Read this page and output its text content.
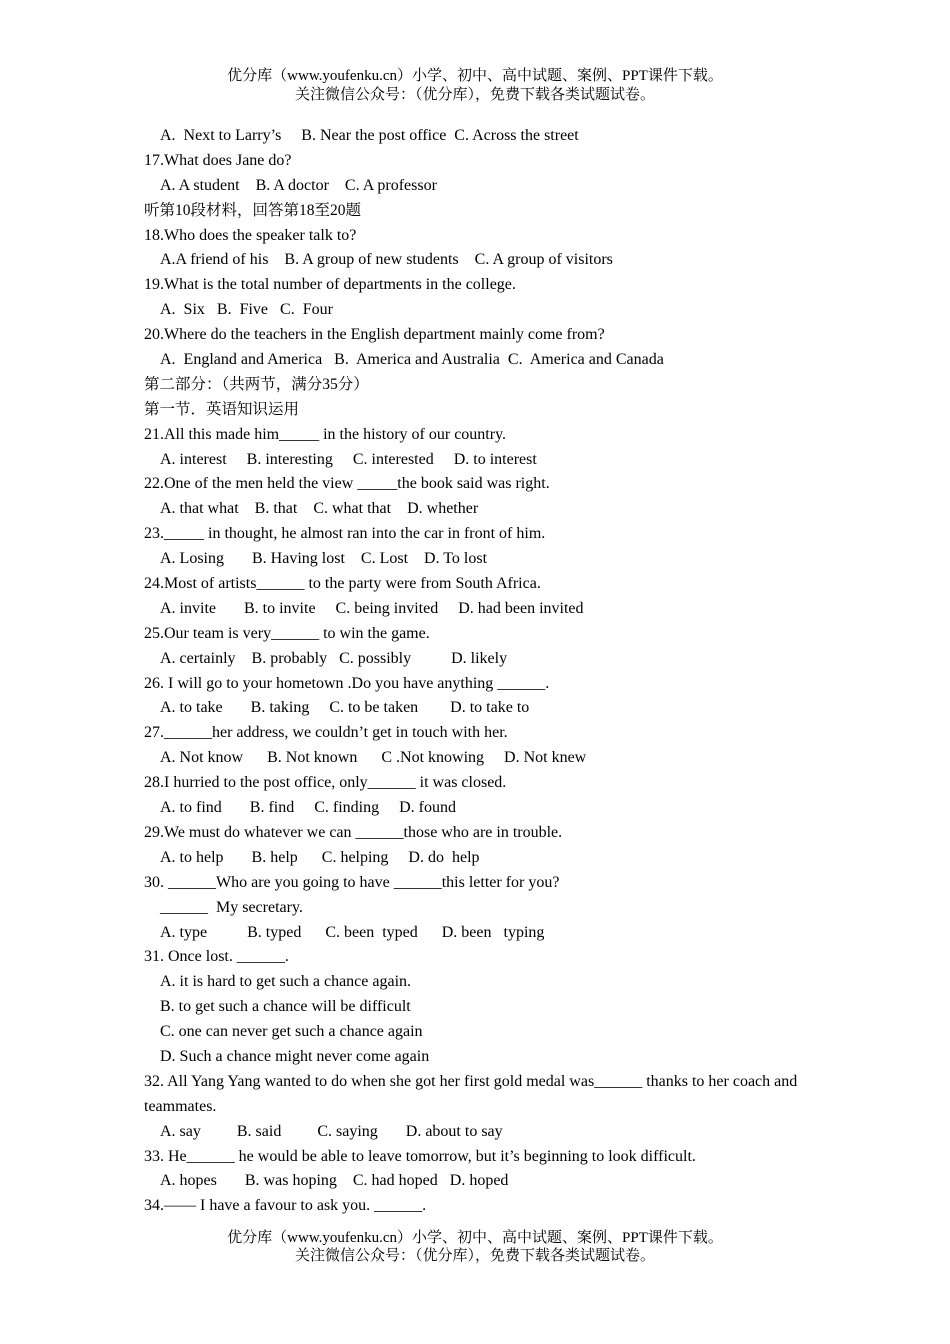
优分库（www.youfenku.cn）小学、初中、高中试题、案例、PPT课件下载。
关注微信公众号：（优分库），免费下载各类试题试卷。
A.  Next to Larry’s     B. Near the post office  C. Across the street
17.What does Jane do?
A. A student    B. A doctor    C. A professor
听第10段材料，回答第18至20题
18.Who does the speaker talk to?
A.A friend of his    B. A group of new students    C. A group of visitors
19.What is the total number of departments in the college.
A.  Six   B.  Five   C.  Four
20.Where do the teachers in the English department mainly come from?
A.  England and America   B.  America and Australia  C.  America and Canada
第二部分：（共两节，满分35分）
第一节．英语知识运用
21.All this made him_____ in the history of our country.
A. interest     B. interesting     C. interested     D. to interest
22.One of the men held the view _____the book said was right.
A. that what    B. that    C. what that    D. whether
23._____ in thought, he almost ran into the car in front of him.
A. Losing       B. Having lost    C. Lost    D. To lost
24.Most of artists______ to the party were from South Africa.
A. invite       B. to invite     C. being invited     D. had been invited
25.Our team is very______ to win the game.
A. certainly    B. probably   C. possibly          D. likely
26. I will go to your hometown .Do you have anything ______.
A. to take       B. taking     C. to be taken        D. to take to
27.______her address, we couldn’t get in touch with her.
A. Not know      B. Not known      C .Not knowing     D. Not knew
28.I hurried to the post office, only______ it was closed.
A. to find       B. find     C. finding     D. found
29.We must do whatever we can ______those who are in trouble.
A. to help       B. help      C. helping     D. do  help
30. ______Who are you going to have ______this letter for you?
______  My secretary.
A. type          B. typed      C. been  typed      D. been   typing
31. Once lost. ______.
A. it is hard to get such a chance again.
B. to get such a chance will be difficult
C. one can never get such a chance again
D. Such a chance might never come again
32. All Yang Yang wanted to do when she got her first gold medal was______ thanks to her coach and teammates.
A. say         B. said         C. saying       D. about to say
33. He______ he would be able to leave tomorrow, but it’s beginning to look difficult.
A. hopes       B. was hoping    C. had hoped   D. hoped
34.—— I have a favour to ask you. ______.
优分库（www.youfenku.cn）小学、初中、高中试题、案例、PPT课件下载。
关注微信公众号：（优分库），免费下载各类试题试卷。
